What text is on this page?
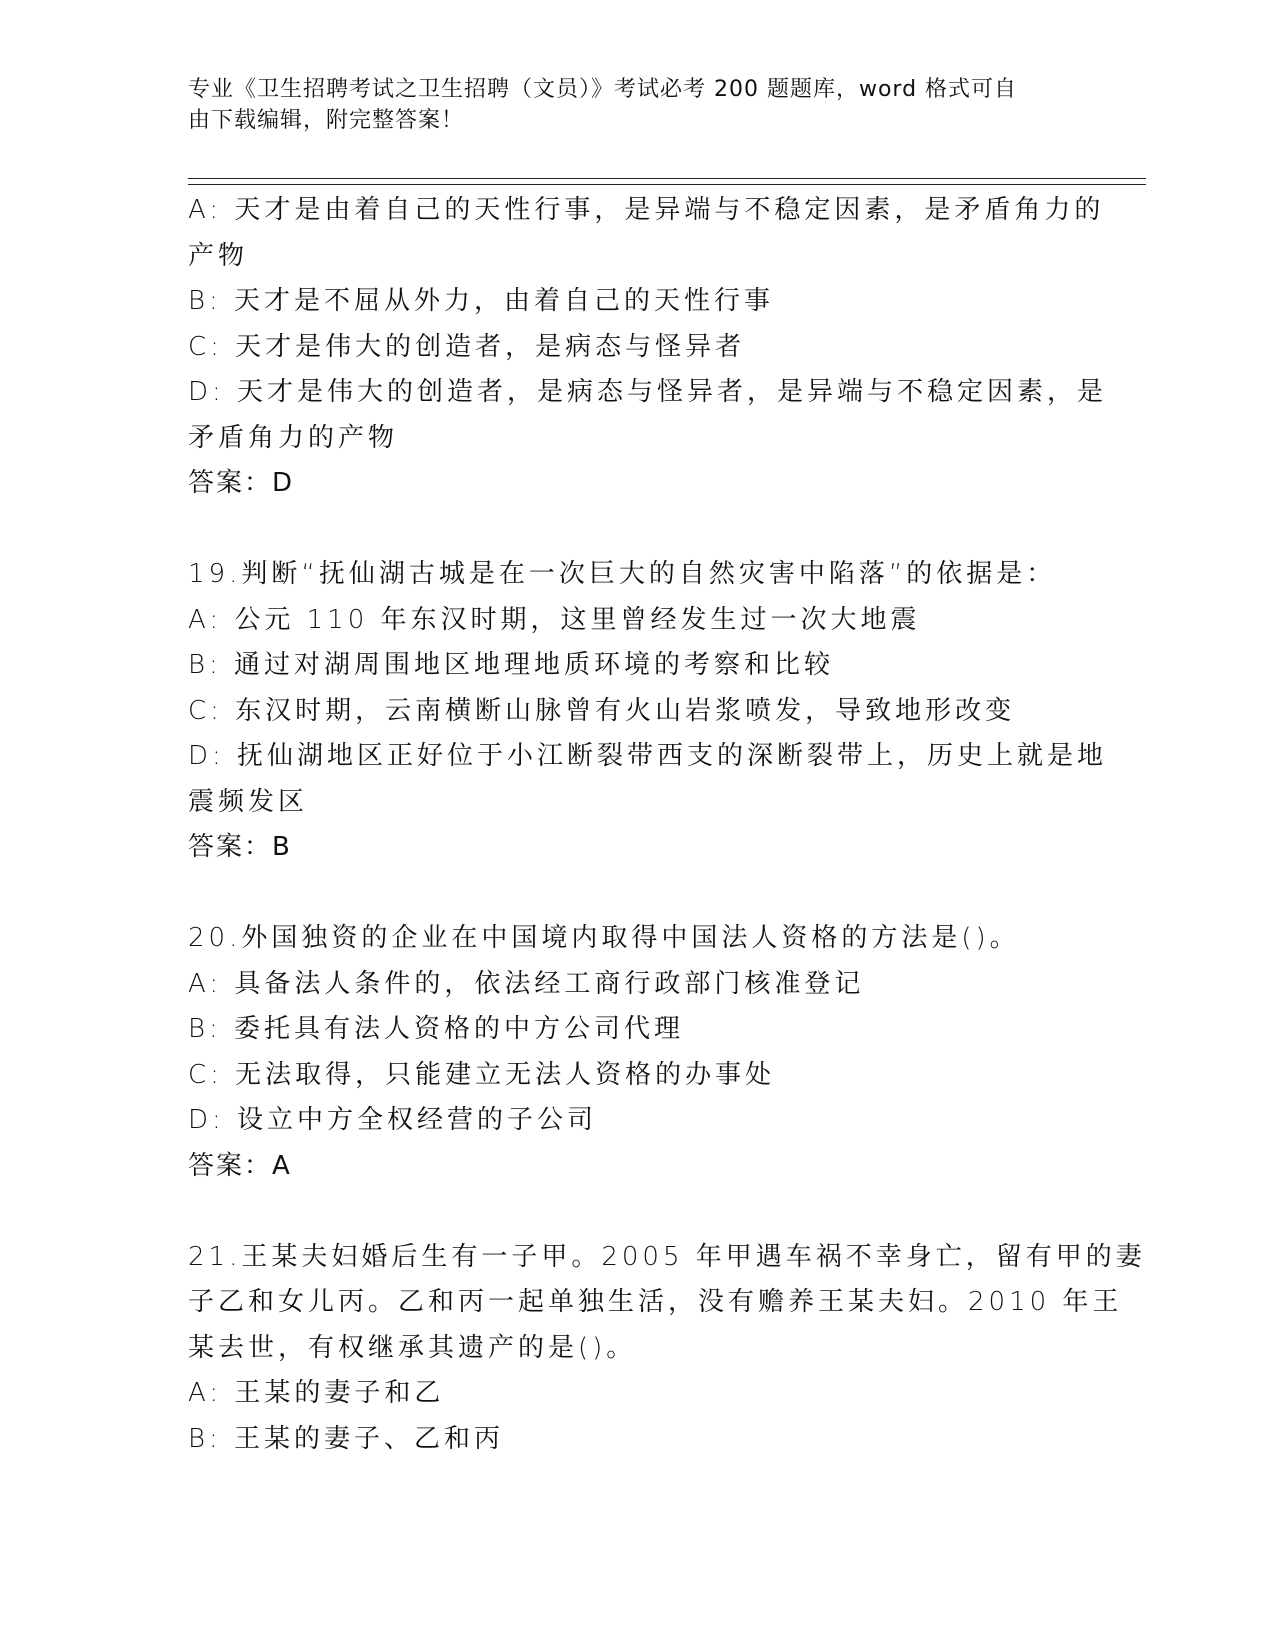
专业《卫生招聘考试之卫生招聘（文员）》考试必考 200 题题库，word 格式可自
由下载编辑，附完整答案！
A: 天才是由着自己的天性行事，是异端与不稳定因素，是矛盾角力的
产物
B: 天才是不屈从外力，由着自己的天性行事
C: 天才是伟大的创造者，是病态与怪异者
D: 天才是伟大的创造者，是病态与怪异者，是异端与不稳定因素，是
矛盾角力的产物
答案：D
19.判断“抚仙湖古城是在一次巨大的自然灾害中陷落”的依据是：
A: 公元 110 年东汉时期，这里曾经发生过一次大地震
B: 通过对湖周围地区地理地质环境的考察和比较
C: 东汉时期，云南横断山脉曾有火山岩浆喷发，导致地形改变
D: 抚仙湖地区正好位于小江断裂带西支的深断裂带上，历史上就是地
震频发区
答案：B
20.外国独资的企业在中国境内取得中国法人资格的方法是()。
A: 具备法人条件的，依法经工商行政部门核准登记
B: 委托具有法人资格的中方公司代理
C: 无法取得，只能建立无法人资格的办事处
D: 设立中方全权经营的子公司
答案：A
21.王某夫妇婚后生有一子甲。2005 年甲遇车祸不幸身亡，留有甲的妻
子乙和女儿丙。乙和丙一起单独生活，没有赡养王某夫妇。2010 年王
某去世，有权继承其遗产的是()。
A: 王某的妻子和乙
B: 王某的妻子、乙和丙
